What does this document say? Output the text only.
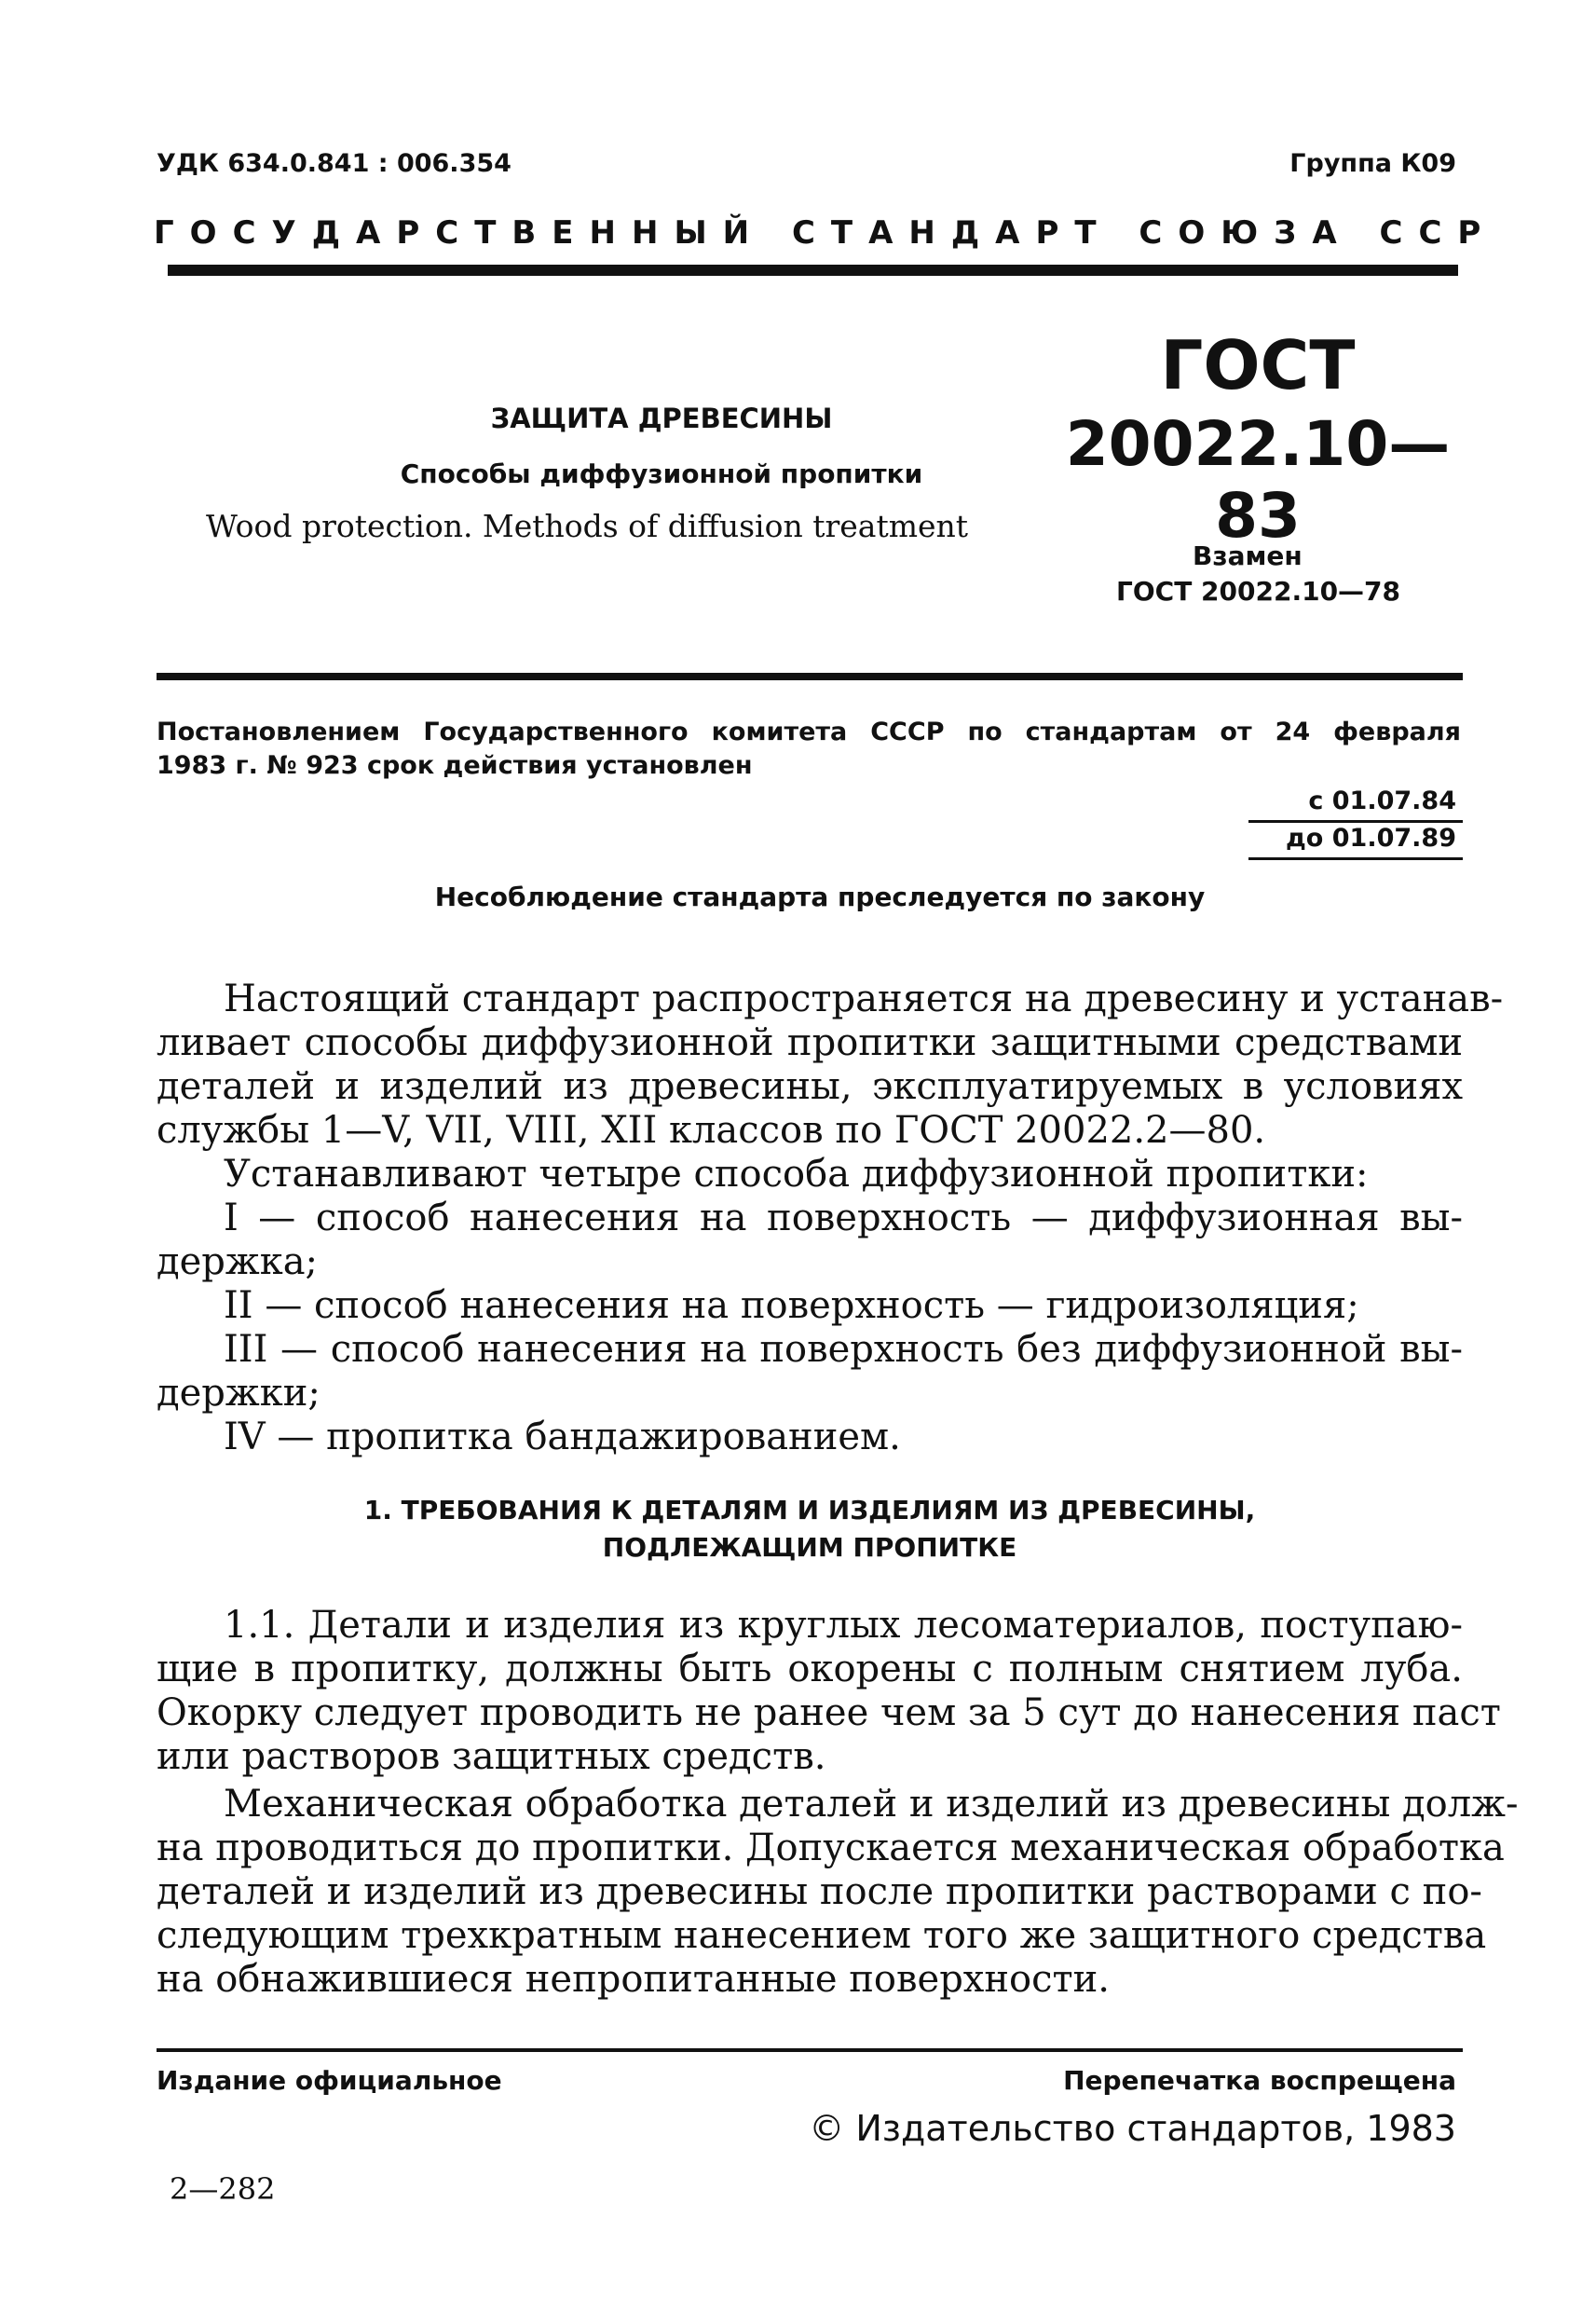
УДК 634.0.841 : 006.354	Группа К09
ГОСУДАРСТВЕННЫЙ СТАНДАРТ СОЮЗА ССР
ЗАЩИТА ДРЕВЕСИНЫ
Способы диффузионной пропитки
Wood protection. Methods of diffusion treatment
ГОСТ
20022.10—83
Взамен
ГОСТ 20022.10—78
Постановлением Государственного комитета СССР по стандартам от 24 февраля
1983 г. № 923 срок действия установлен
с 01.07.84
до 01.07.89
Несоблюдение стандарта преследуется по закону
Настоящий стандарт распространяется на древесину и устанав-
ливает способы диффузионной пропитки защитными средствами
деталей и изделий из древесины, эксплуатируемых в условиях
службы 1—V, VII, VIII, XII классов по ГОСТ 20022.2—80.
Устанавливают четыре способа диффузионной пропитки:
I — способ нанесения на поверхность — диффузионная вы-
держка;
II — способ нанесения на поверхность — гидроизоляция;
III — способ нанесения на поверхность без диффузионной вы-
держки;
IV — пропитка бандажированием.
1. ТРЕБОВАНИЯ К ДЕТАЛЯМ И ИЗДЕЛИЯМ ИЗ ДРЕВЕСИНЫ,
ПОДЛЕЖАЩИМ ПРОПИТКЕ
1.1. Детали и изделия из круглых лесоматериалов, поступаю-
щие в пропитку, должны быть окорены с полным снятием луба.
Окорку следует проводить не ранее чем за 5 сут до нанесения паст
или растворов защитных средств.
Механическая обработка деталей и изделий из древесины долж-
на проводиться до пропитки. Допускается механическая обработка
деталей и изделий из древесины после пропитки растворами с по-
следующим трехкратным нанесением того же защитного средства
на обнажившиеся непропитанные поверхности.
Издание официальное	Перепечатка воспрещена
© Издательство стандартов, 1983
2—282
